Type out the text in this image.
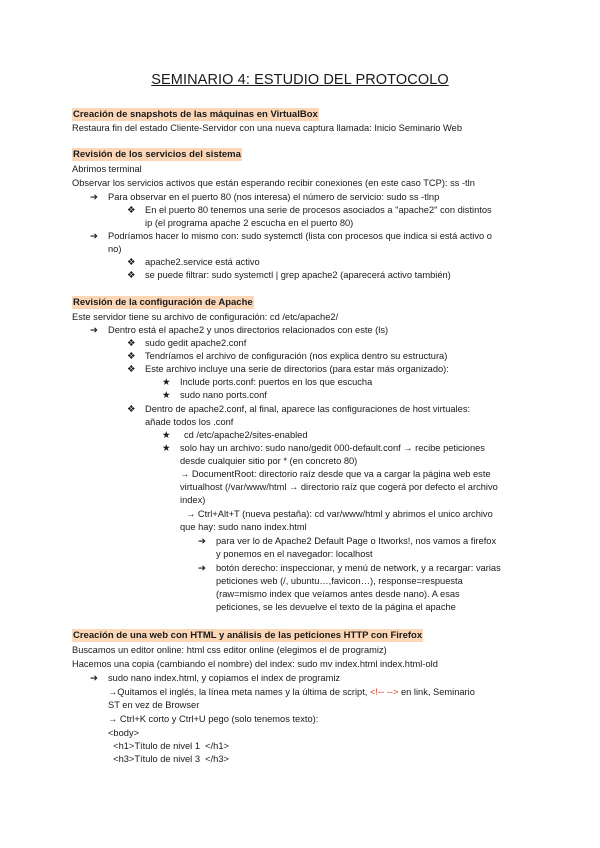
SEMINARIO 4: ESTUDIO DEL PROTOCOLO
Creación de snapshots de las máquinas en VirtualBox
Restaura fin del estado Cliente-Servidor con una nueva captura llamada: Inicio Seminario Web
Revisión de los servicios del sistema
Abrimos terminal
Observar los servicios activos que están esperando recibir conexiones (en este caso TCP): ss -tln
➔	Para observar en el puerto 80 (nos interesa) el número de servicio: sudo ss -tlnp
❖	En el puerto 80 tenemos una serie de procesos asociados a "apache2" con distintos
ip (el programa apache 2 escucha en el puerto 80)
➔	Podríamos hacer lo mismo con: sudo systemctl (lista con procesos que indica si está activo o
no)
❖	apache2.service está activo
❖	se puede filtrar: sudo systemctl | grep apache2 (aparecerá activo también)
Revisión de la configuración de Apache
Este servidor tiene su archivo de configuración: cd /etc/apache2/
➔	Dentro está el apache2 y unos directorios relacionados con este (ls)
❖	sudo gedit apache2.conf
❖	Tendríamos el archivo de configuración (nos explica dentro su estructura)
❖	Este archivo incluye una serie de directorios (para estar más organizado):
★	Include ports.conf: puertos en los que escucha
★	sudo nano ports.conf
❖	Dentro de apache2.conf, al final, aparece las configuraciones de host virtuales:
añade todos los .conf
★	cd /etc/apache2/sites-enabled
★	solo hay un archivo: sudo nano/gedit 000-default.conf → recibe peticiones
desde cualquier sitio por * (en concreto 80)
→ DocumentRoot: directorio raíz desde que va a cargar la página web este
virtualhost (/var/www/html → directorio raíz que cogerá por defecto el archivo
index)
→ Ctrl+Alt+T (nueva pestaña): cd var/www/html y abrimos el unico archivo
que hay: sudo nano index.html
➔	para ver lo de Apache2 Default Page o Itworks!, nos vamos a firefox
y ponemos en el navegador: localhost
➔	botón derecho: inspeccionar, y menú de network, y a recargar: varias
peticiones web (/, ubuntu…,favicon…), response=respuesta
(raw=mismo index que veíamos antes desde nano). A esas
peticiones, se les devuelve el texto de la página el apache
Creación de una web con HTML y análisis de las peticiones HTTP con Firefox
Buscamos un editor online: html css editor online (elegimos el de programiz)
Hacemos una copia (cambiando el nombre) del index: sudo mv index.html index.html-old
➔	sudo nano index.html, y copiamos el index de programiz
→Quitamos el inglés, la línea meta names y la última de script, <!-- --> en link, Seminario
ST en vez de Browser
→ Ctrl+K corto y Ctrl+U pego (solo tenemos texto):
<body>
<h1>Título de nivel 1  </h1>
<h3>Título de nivel 3  </h3>
